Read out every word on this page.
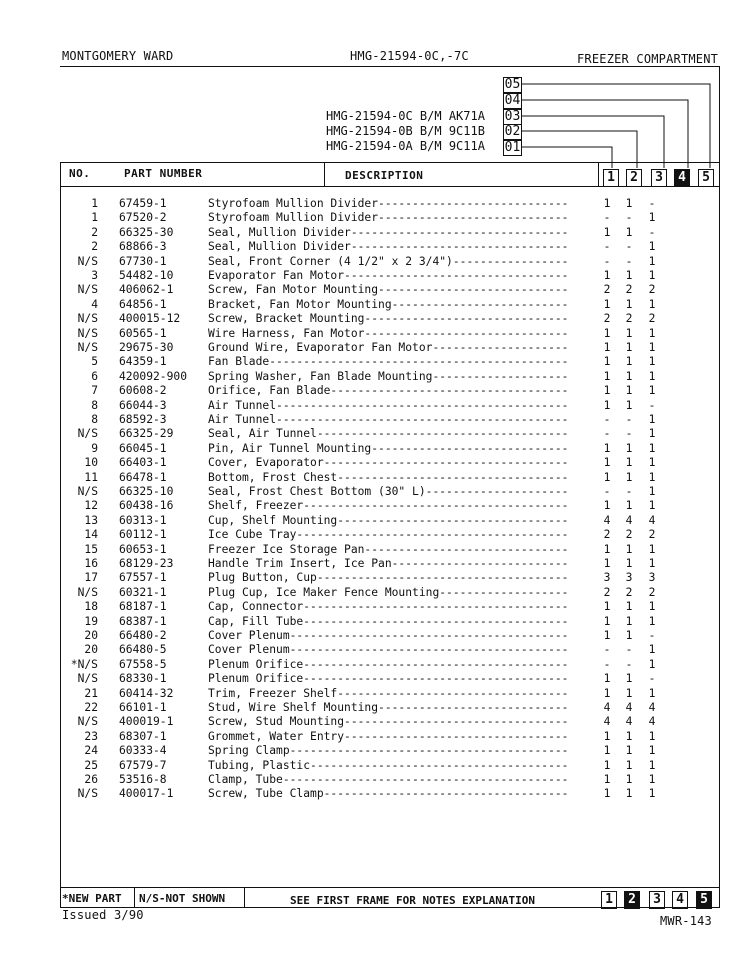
MONTGOMERY WARD	HMG-21594-0C,-7C	FREEZER COMPARTMENT
HMG-21594-0C B/M AK71A
HMG-21594-0B B/M 9C11B
HMG-21594-0A B/M 9C11A
05
04
03
02
01
NO.	PART NUMBER	DESCRIPTION	1	2	3	4	5
1 67459-1	Styrofoam Mullion Divider----------------------------	1 1 -
1 67520-2	Styrofoam Mullion Divider----------------------------	- - 1
2 66325-30	Seal, Mullion Divider--------------------------------	1 1 -
2 68866-3	Seal, Mullion Divider--------------------------------	- - 1
N/S 67730-1	Seal, Front Corner (4 1/2" x 2 3/4")-----------------	- - 1
3 54482-10	Evaporator Fan Motor---------------------------------	1 1 1
N/S 406062-1	Screw, Fan Motor Mounting----------------------------	2 2 2
4 64856-1	Bracket, Fan Motor Mounting--------------------------	1 1 1
N/S 400015-12 Screw, Bracket Mounting------------------------------	2 2 2
N/S 60565-1	Wire Harness, Fan Motor------------------------------	1 1 1
N/S 29675-30	Ground Wire, Evaporator Fan Motor--------------------	1 1 1
5 64359-1	Fan Blade--------------------------------------------	1 1 1
6 420092-900 Spring Washer, Fan Blade Mounting--------------------	1 1 1
7 60608-2	Orifice, Fan Blade-----------------------------------	1 1 1
8 66044-3	Air Tunnel-------------------------------------------	1 1 -
8 68592-3	Air Tunnel-------------------------------------------	- - 1
N/S 66325-29	Seal, Air Tunnel-------------------------------------	- - 1
9 66045-1	Pin, Air Tunnel Mounting-----------------------------	1 1 1
10 66403-1	Cover, Evaporator------------------------------------	1 1 1
11 66478-1	Bottom, Frost Chest----------------------------------	1 1 1
N/S 66325-10	Seal, Frost Chest Bottom (30" L)---------------------	- - 1
12 60438-16	Shelf, Freezer---------------------------------------	1 1 1
13 60313-1	Cup, Shelf Mounting----------------------------------	4 4 4
14 60112-1	Ice Cube Tray----------------------------------------	2 2 2
15 60653-1	Freezer Ice Storage Pan------------------------------	1 1 1
16 68129-23	Handle Trim Insert, Ice Pan--------------------------	1 1 1
17 67557-1	Plug Button, Cup-------------------------------------	3 3 3
N/S 60321-1	Plug Cup, Ice Maker Fence Mounting-------------------	2 2 2
18 68187-1	Cap, Connector---------------------------------------	1 1 1
19 68387-1	Cap, Fill Tube---------------------------------------	1 1 1
20 66480-2	Cover Plenum-----------------------------------------	1 1 -
20 66480-5	Cover Plenum-----------------------------------------	- - 1
*N/S 67558-5	Plenum Orifice---------------------------------------	- - 1
N/S 68330-1	Plenum Orifice---------------------------------------	1 1 -
21 60414-32	Trim, Freezer Shelf----------------------------------	1 1 1
22 66101-1	Stud, Wire Shelf Mounting----------------------------	4 4 4
N/S 400019-1	Screw, Stud Mounting---------------------------------	4 4 4
23 68307-1	Grommet, Water Entry---------------------------------	1 1 1
24 60333-4	Spring Clamp-----------------------------------------	1 1 1
25 67579-7	Tubing, Plastic--------------------------------------	1 1 1
26 53516-8	Clamp, Tube------------------------------------------	1 1 1
N/S 400017-1	Screw, Tube Clamp------------------------------------	1 1 1
*NEW PART N/S-NOT SHOWN	SEE FIRST FRAME FOR NOTES EXPLANATION	1	2	3	4	5
Issued 3/90	MWR-143
